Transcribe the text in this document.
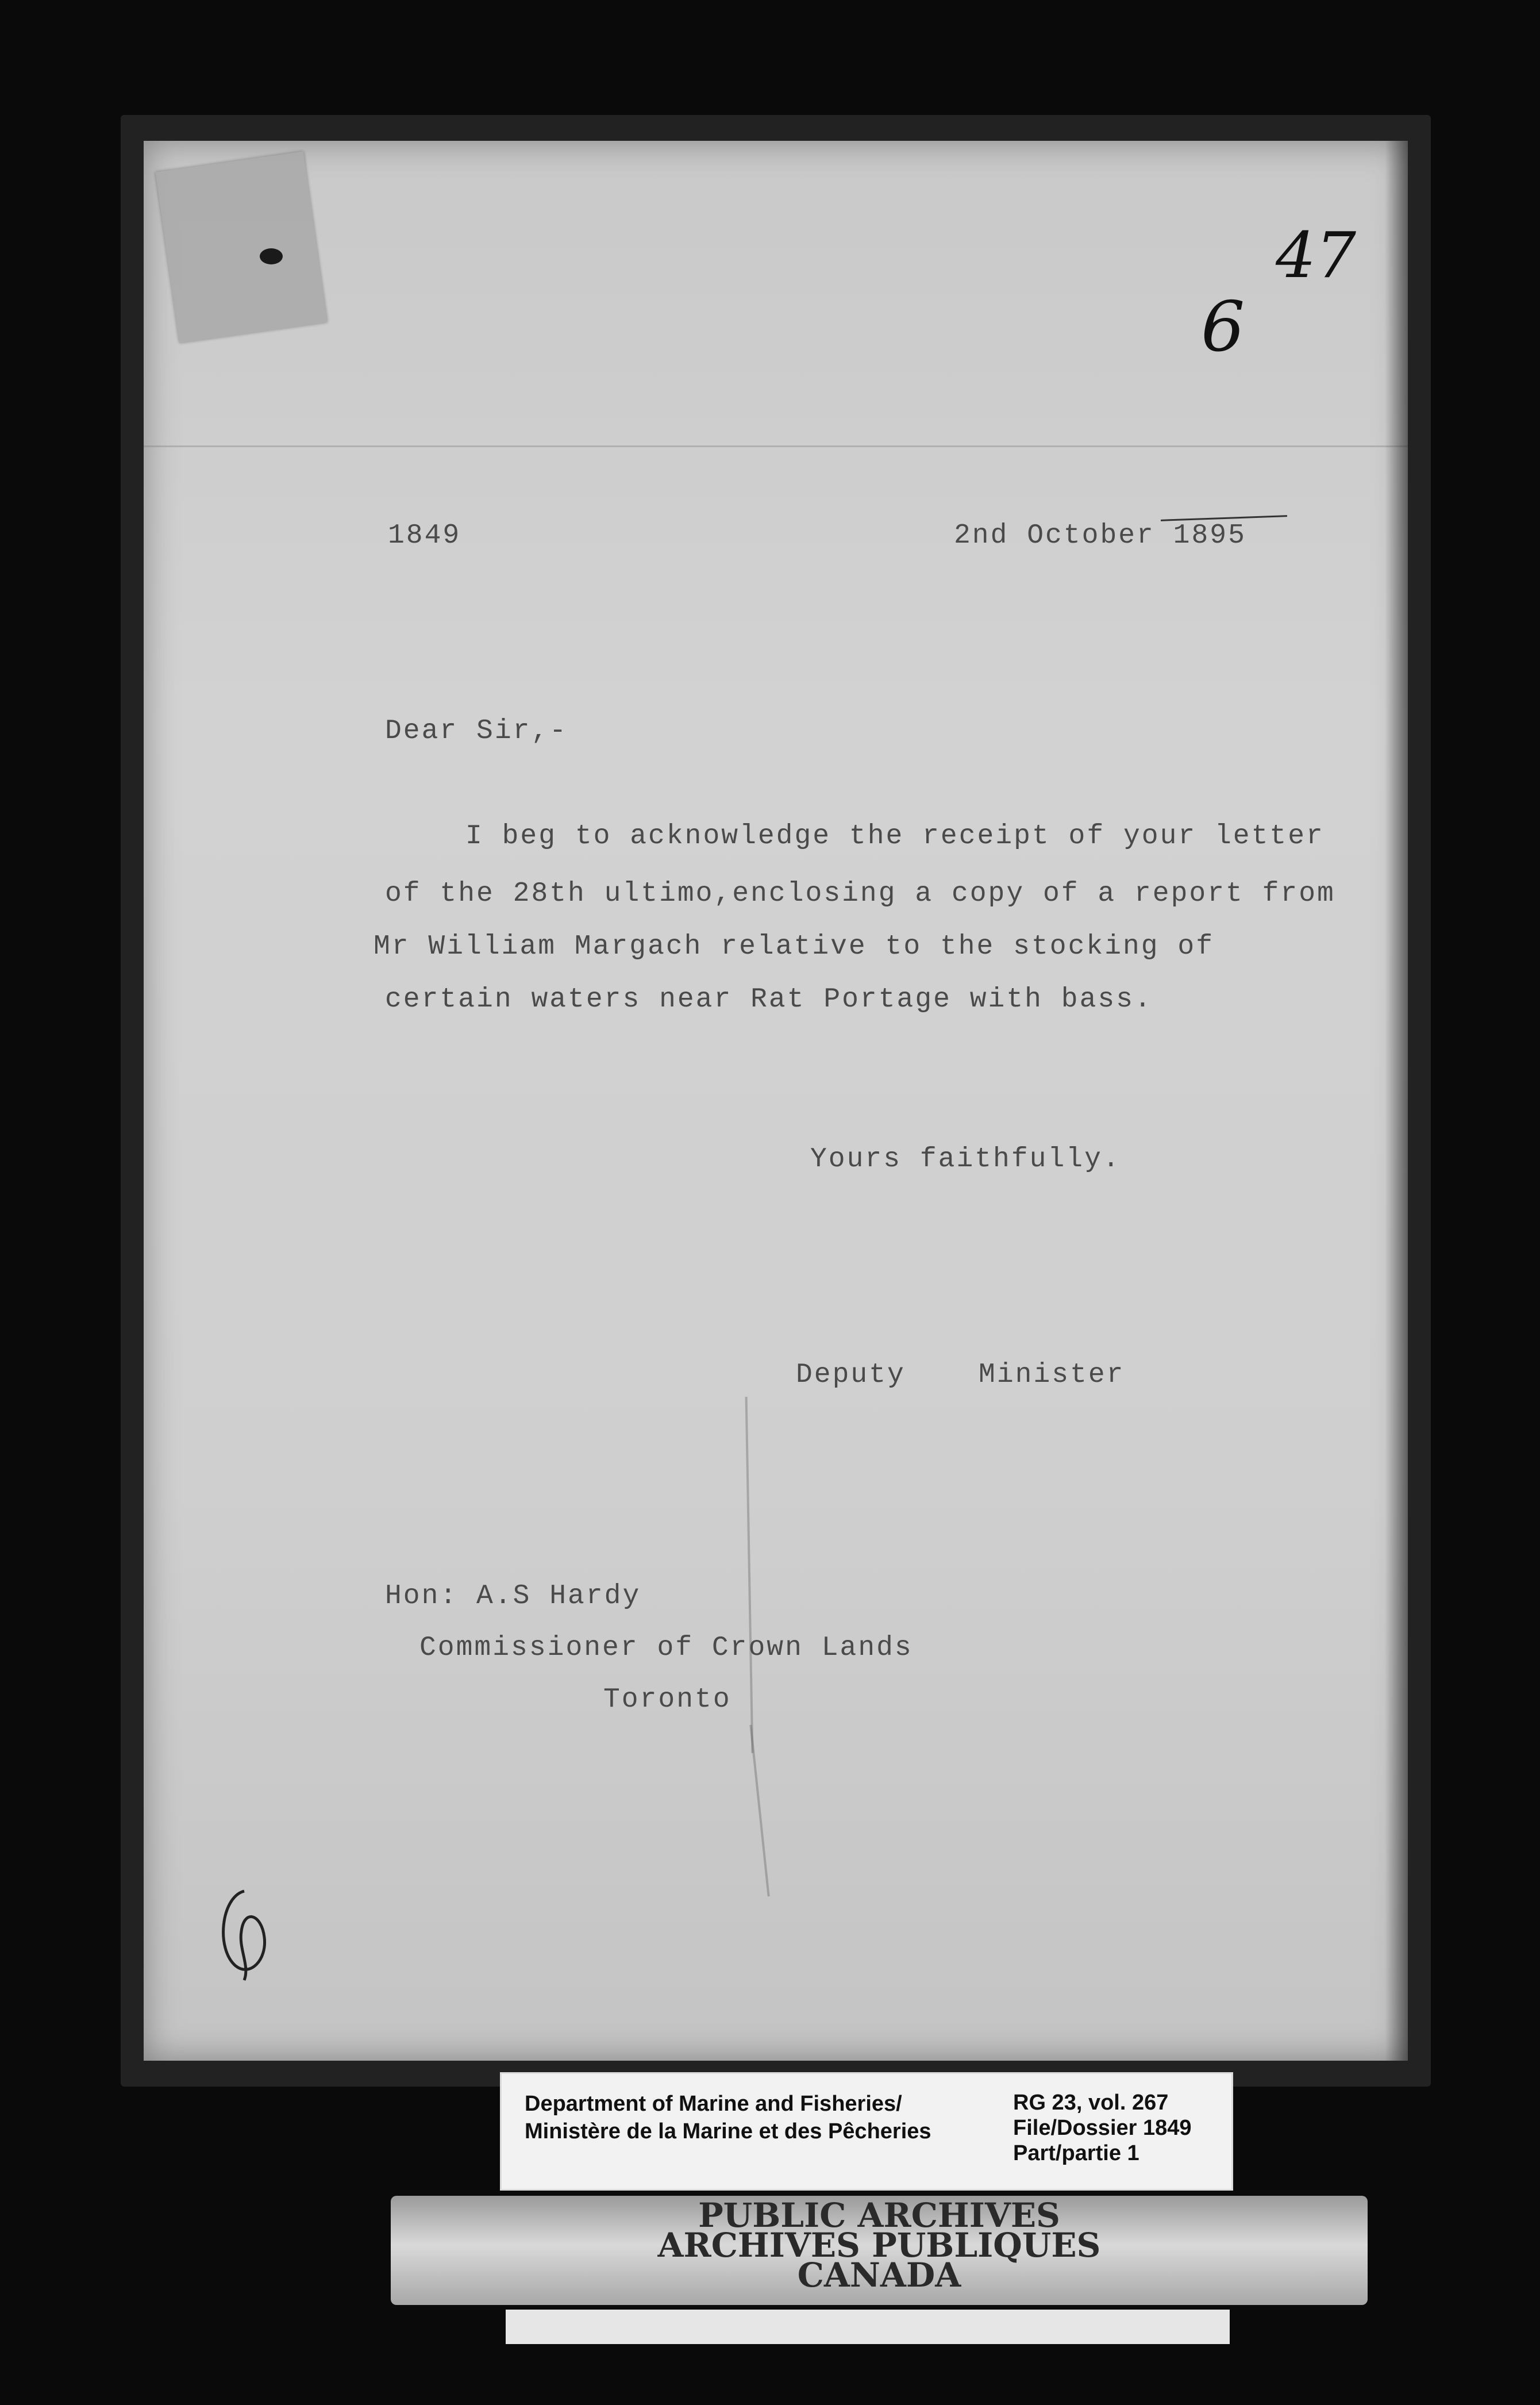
47
6
1849	2nd October 1895
Dear Sir,-
I beg to acknowledge the receipt of your letter
of the 28th ultimo,enclosing a copy of a report from
Mr William Margach relative to the stocking of
certain waters near Rat Portage with bass.
Yours faithfully.
Deputy    Minister
Hon: A.S Hardy
Commissioner of Crown Lands
Toronto
Department of Marine and Fisheries/
Ministère de la Marine et des Pêcheries
RG 23, vol. 267
File/Dossier 1849
Part/partie 1
PUBLIC ARCHIVES
ARCHIVES PUBLIQUES
CANADA
